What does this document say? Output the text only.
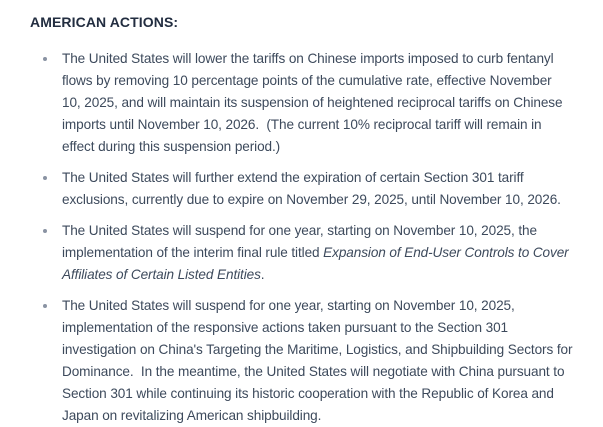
AMERICAN ACTIONS:
The United States will lower the tariffs on Chinese imports imposed to curb fentanyl flows by removing 10 percentage points of the cumulative rate, effective November 10, 2025, and will maintain its suspension of heightened reciprocal tariffs on Chinese imports until November 10, 2026.  (The current 10% reciprocal tariff will remain in effect during this suspension period.)
The United States will further extend the expiration of certain Section 301 tariff exclusions, currently due to expire on November 29, 2025, until November 10, 2026.
The United States will suspend for one year, starting on November 10, 2025, the implementation of the interim final rule titled Expansion of End-User Controls to Cover Affiliates of Certain Listed Entities.
The United States will suspend for one year, starting on November 10, 2025, implementation of the responsive actions taken pursuant to the Section 301 investigation on China's Targeting the Maritime, Logistics, and Shipbuilding Sectors for Dominance.  In the meantime, the United States will negotiate with China pursuant to Section 301 while continuing its historic cooperation with the Republic of Korea and Japan on revitalizing American shipbuilding.
